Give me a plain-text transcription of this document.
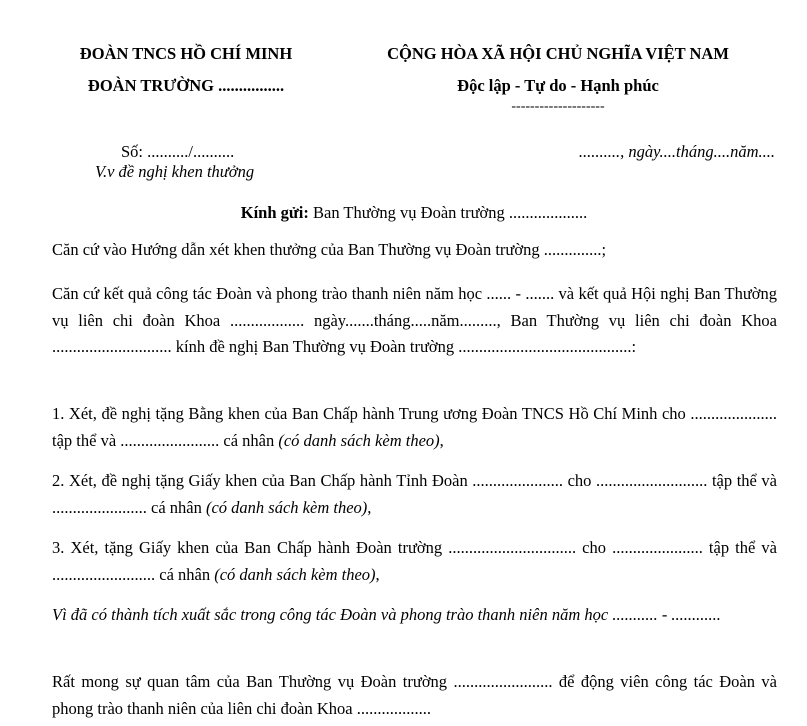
ĐOÀN TNCS HỒ CHÍ MINH
ĐOÀN TRƯỜNG ................
CỘNG HÒA XÃ HỘI CHỦ NGHĨA VIỆT NAM
Độc lập - Tự do - Hạnh phúc
--------------------
Số: ........../..........
V.v đề nghị khen thưởng
.........., ngày....tháng....năm....
Kính gửi: Ban Thường vụ Đoàn trường ...................

Căn cứ vào Hướng dẫn xét khen thưởng của Ban Thường vụ Đoàn trường ..............;

Căn cứ kết quả công tác Đoàn và phong trào thanh niên năm học ...... - ....... và kết quả Hội nghị Ban Thường vụ liên chi đoàn Khoa .................. ngày.......tháng.....năm........., Ban Thường vụ liên chi đoàn Khoa ............................. kính đề nghị Ban Thường vụ Đoàn trường ..........................................:

1. Xét, đề nghị tặng Bằng khen của Ban Chấp hành Trung ương Đoàn TNCS Hồ Chí Minh cho ..................... tập thể và ........................ cá nhân (có danh sách kèm theo),

2. Xét, đề nghị tặng Giấy khen của Ban Chấp hành Tỉnh Đoàn ...................... cho ........................... tập thể và ....................... cá nhân (có danh sách kèm theo),

3. Xét, tặng Giấy khen của Ban Chấp hành Đoàn trường ............................... cho ...................... tập thể và ......................... cá nhân (có danh sách kèm theo),

Vì đã có thành tích xuất sắc trong công tác Đoàn và phong trào thanh niên năm học ........... - ............

Rất mong sự quan tâm của Ban Thường vụ Đoàn trường ........................ để động viên công tác Đoàn và phong trào thanh niên của liên chi đoàn Khoa ..................
